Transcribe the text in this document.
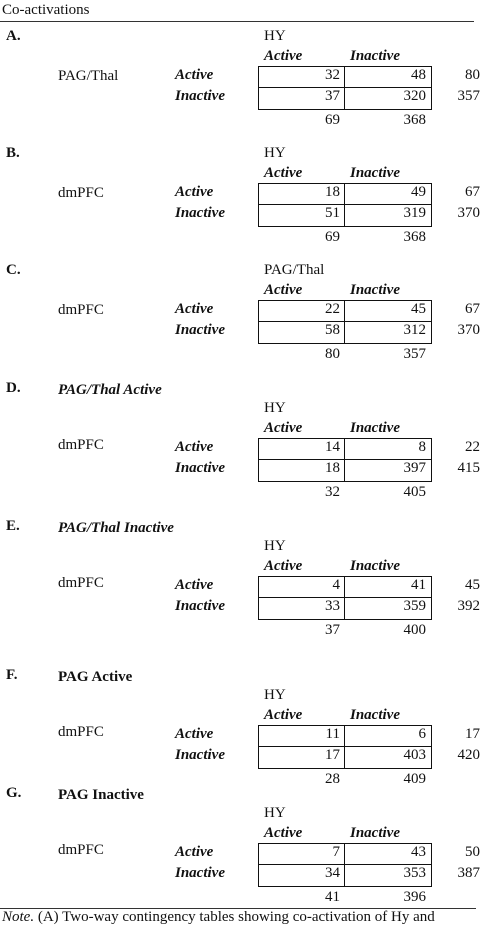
Co-activations
A.	HY
Active	Inactive
PAG/Thal	Active	32	48	80
Inactive	37	320	357
69	368
B.	HY
Active	Inactive
dmPFC	Active	18	49	67
Inactive	51	319	370
69	368
C.	PAG/Thal
Active	Inactive
dmPFC	Active	22	45	67
Inactive	58	312	370
80	357
D. PAG/Thal Active
HY
Active	Inactive
dmPFC	Active	14	8	22
Inactive	18	397	415
32	405
E.	PAG/Thal Inactive
HY
Active	Inactive
dmPFC	Active	4	41	45
Inactive	33	359	392
37	400
F.	PAG Active
HY
Active	Inactive
dmPFC	Active	11	6	17
Inactive	17	403	420
28	409
G. PAG Inactive
HY
Active	Inactive
dmPFC	Active	7	43	50
Inactive	34	353	387
41	396
Note. (A) Two-way contingency tables showing co-activation of Hy and
